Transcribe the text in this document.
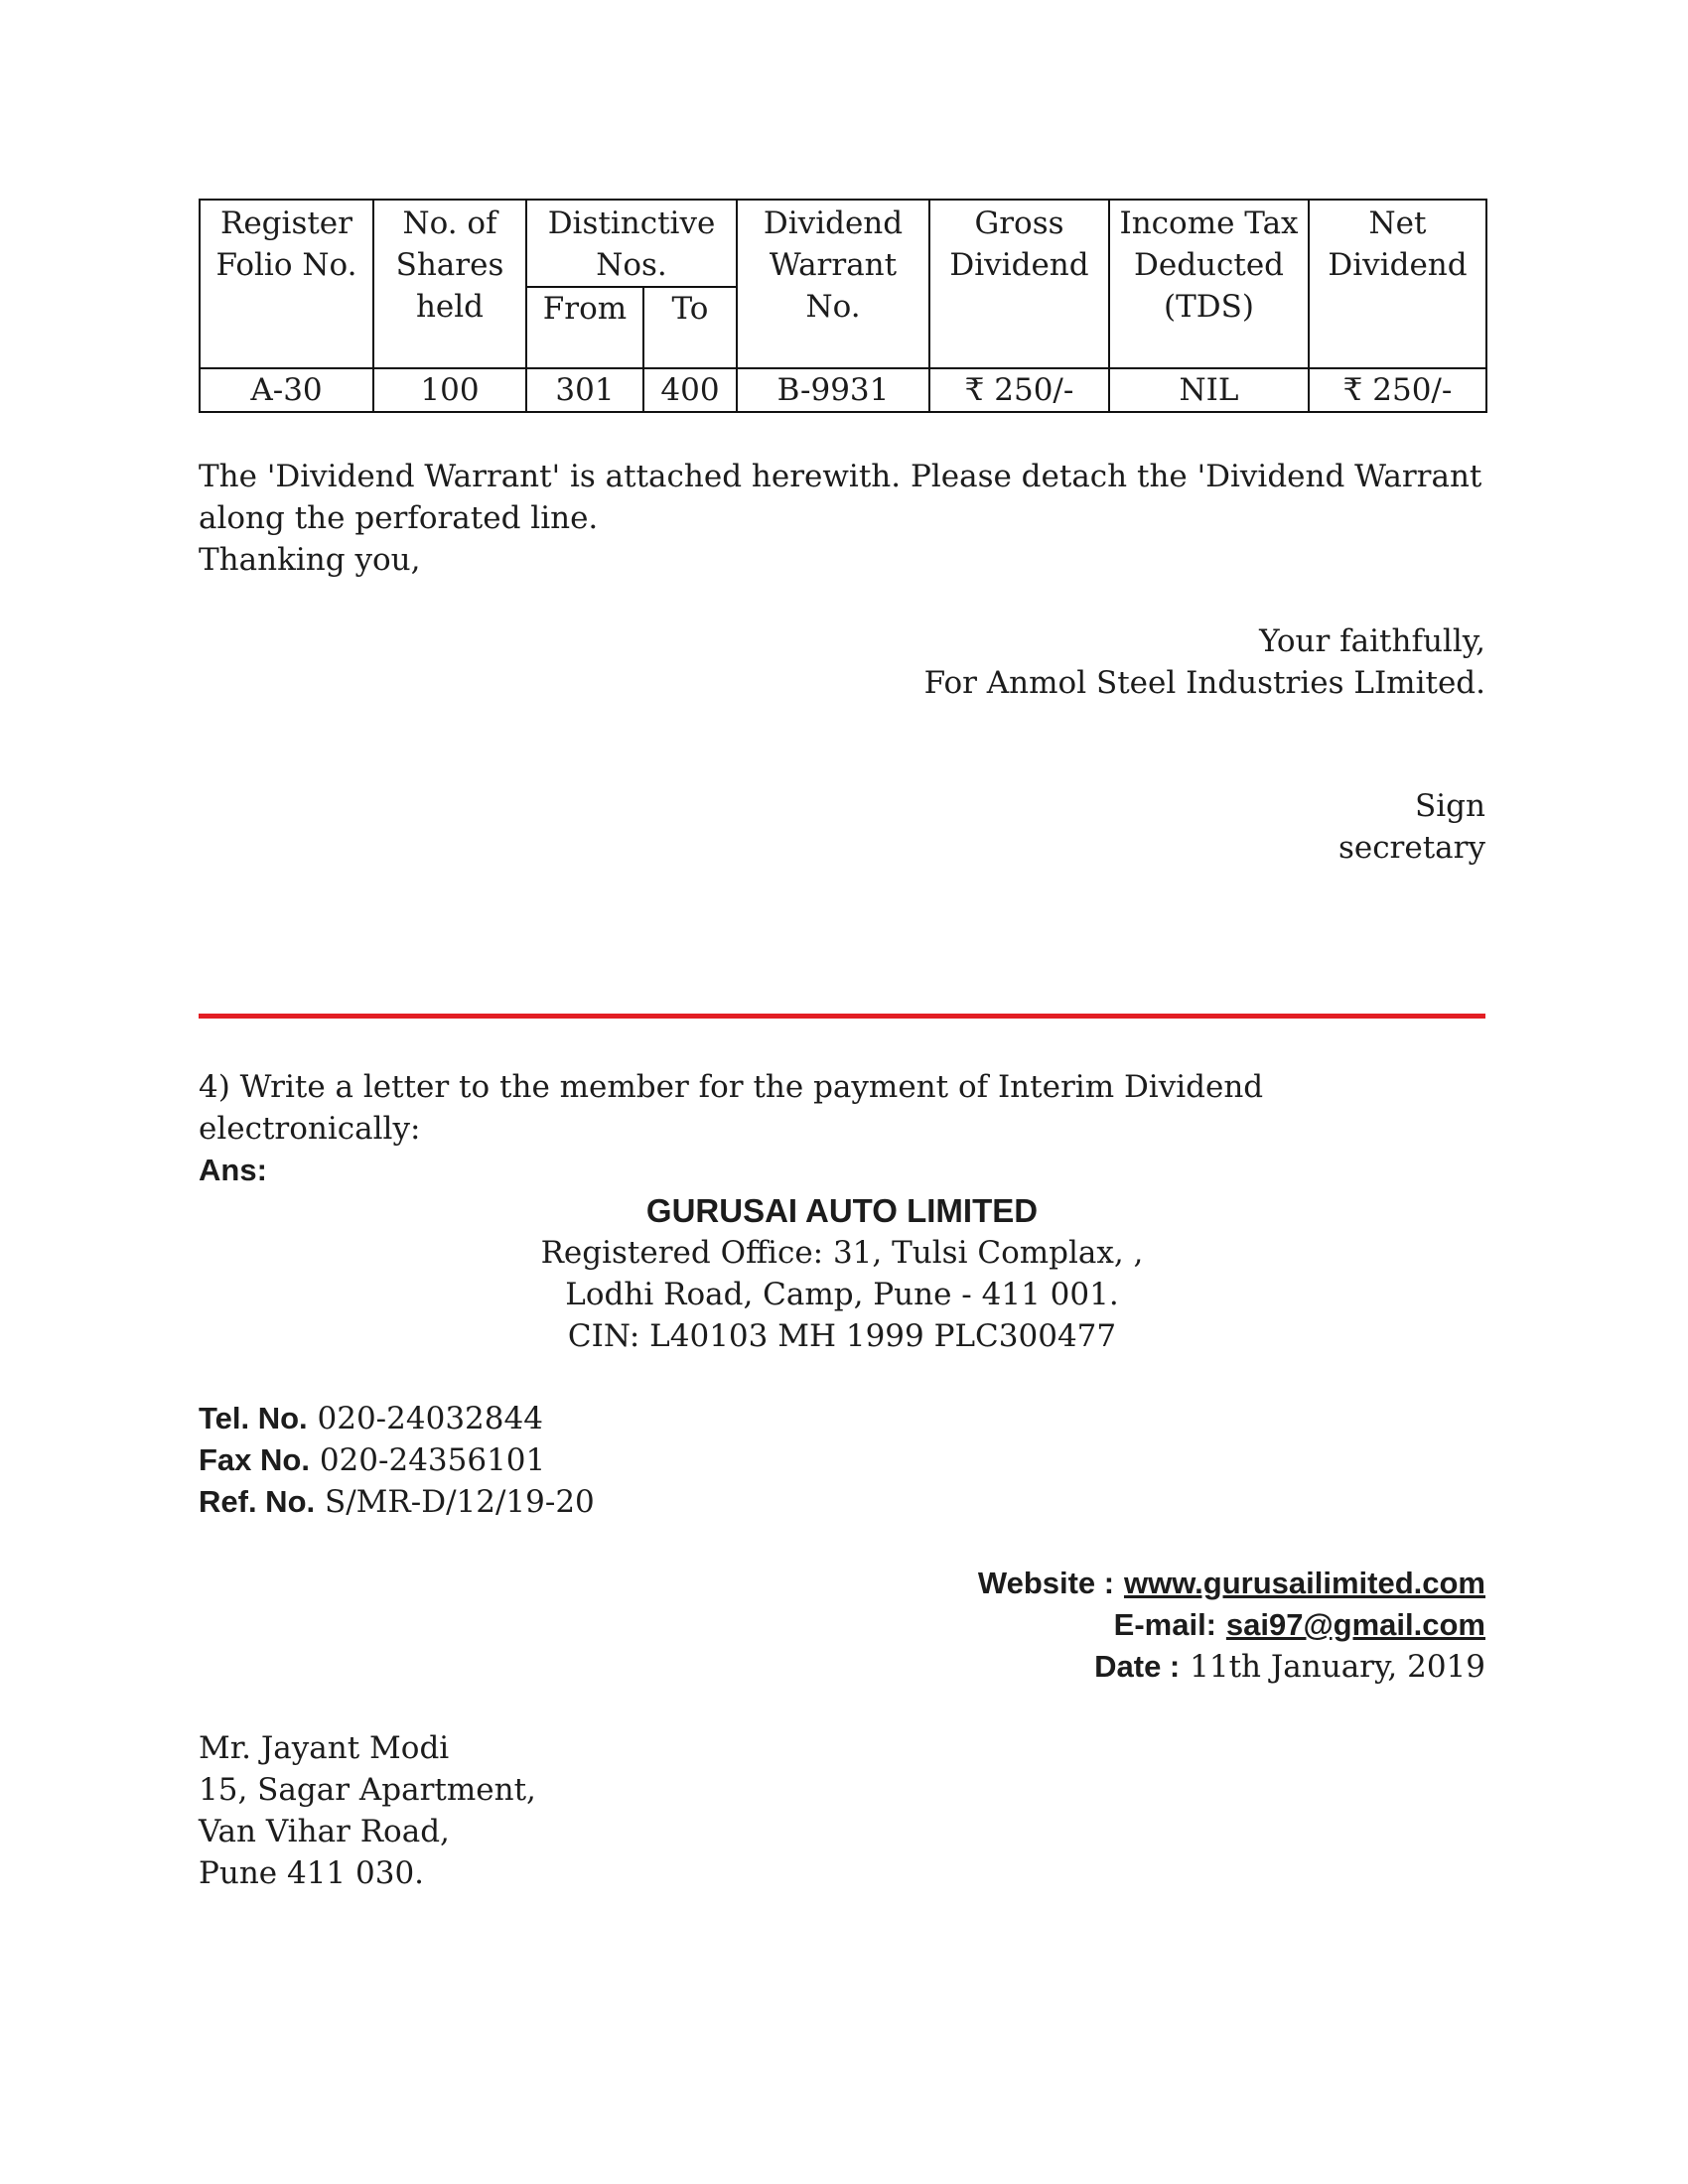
Register Folio No.	No. of Shares held	Distinctive Nos.		Dividend Warrant No.	Gross Dividend	Income Tax Deducted (TDS)	Net Dividend
		From	To				
A-30	100	301	400	B-9931	₹ 250/-	NIL	₹ 250/-

The 'Dividend Warrant' is attached herewith. Please detach the 'Dividend Warrant

along the perforated line.

Thanking you,

Your faithfully,

For Anmol Steel Industries LImited.

Sign

secretary

4) Write a letter to the member for the payment of Interim Dividend electronically:

Ans:

GURUSAI AUTO LIMITED

Registered Office: 31, Tulsi Complax, ,

Lodhi Road, Camp, Pune - 411 001.

CIN: L40103 MH 1999 PLC300477

Tel. No. 020-24032844

Fax No. 020-24356101

Ref. No. S/MR-D/12/19-20

Website : www.gurusailimited.com

E-mail: sai97@gmail.com

Date : 11th January, 2019

Mr. Jayant Modi

15, Sagar Apartment,

Van Vihar Road,

Pune 411 030.
